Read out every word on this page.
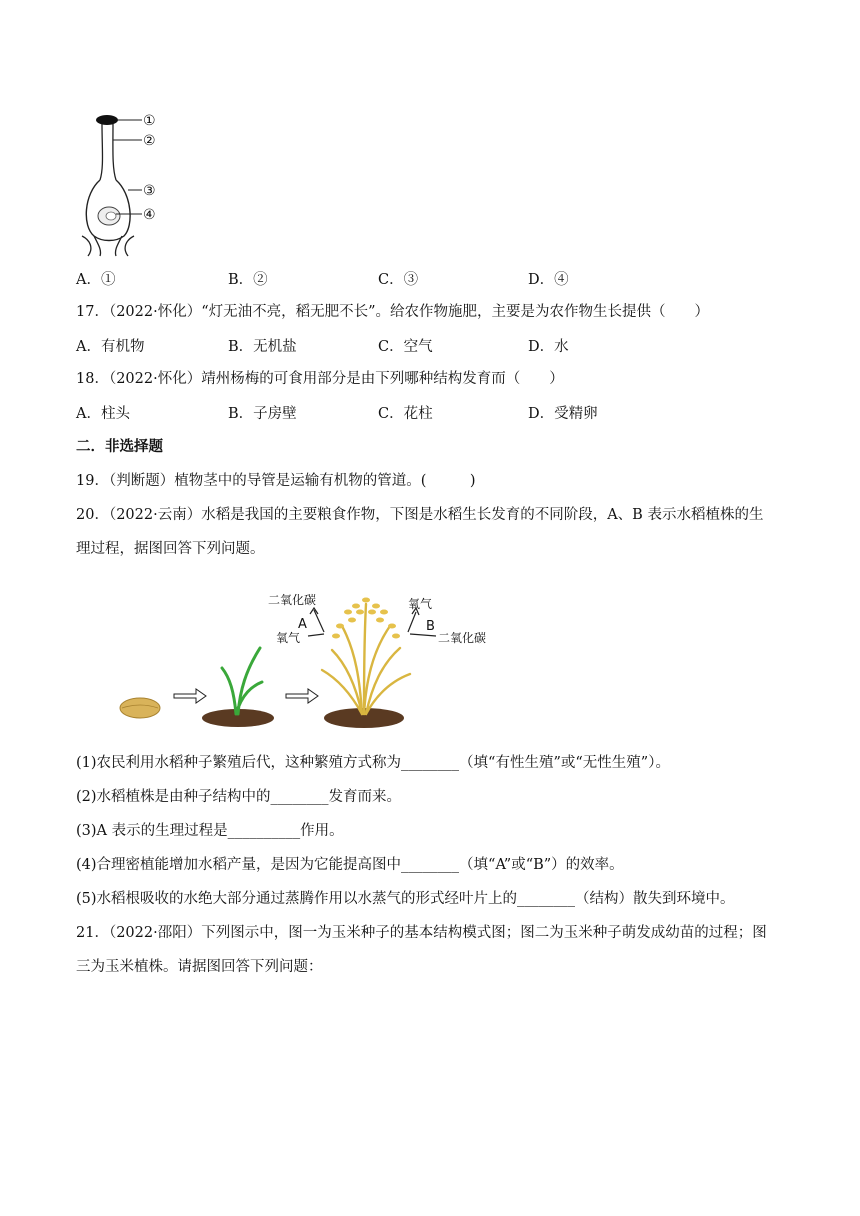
①
②
③
④
A．①	B．②	C．③	D．④
17．（2022·怀化）“灯无油不亮，稻无肥不长”。给农作物施肥，主要是为农作物生长提供（　　）
A．有机物	B．无机盐	C．空气	D．水
18．（2022·怀化）靖州杨梅的可食用部分是由下列哪种结构发育而（　　）
A．柱头	B．子房壁	C．花柱	D．受精卵
二．非选择题
19．（判断题）植物茎中的导管是运输有机物的管道。(　　　)
20．（2022·云南）水稻是我国的主要粮食作物，下图是水稻生长发育的不同阶段，A、B 表示水稻植株的生
理过程，据图回答下列问题。
二氧化碳
A
氧气
氧气
B
二氧化碳
(1)农民利用水稻种子繁殖后代，这种繁殖方式称为________（填“有性生殖”或“无性生殖”）。
(2)水稻植株是由种子结构中的________发育而来。
(3)A 表示的生理过程是__________作用。
(4)合理密植能增加水稻产量，是因为它能提高图中________（填“A”或“B”）的效率。
(5)水稻根吸收的水绝大部分通过蒸腾作用以水蒸气的形式经叶片上的________（结构）散失到环境中。
21．（2022·邵阳）下列图示中，图一为玉米种子的基本结构模式图；图二为玉米种子萌发成幼苗的过程；图
三为玉米植株。请据图回答下列问题：
